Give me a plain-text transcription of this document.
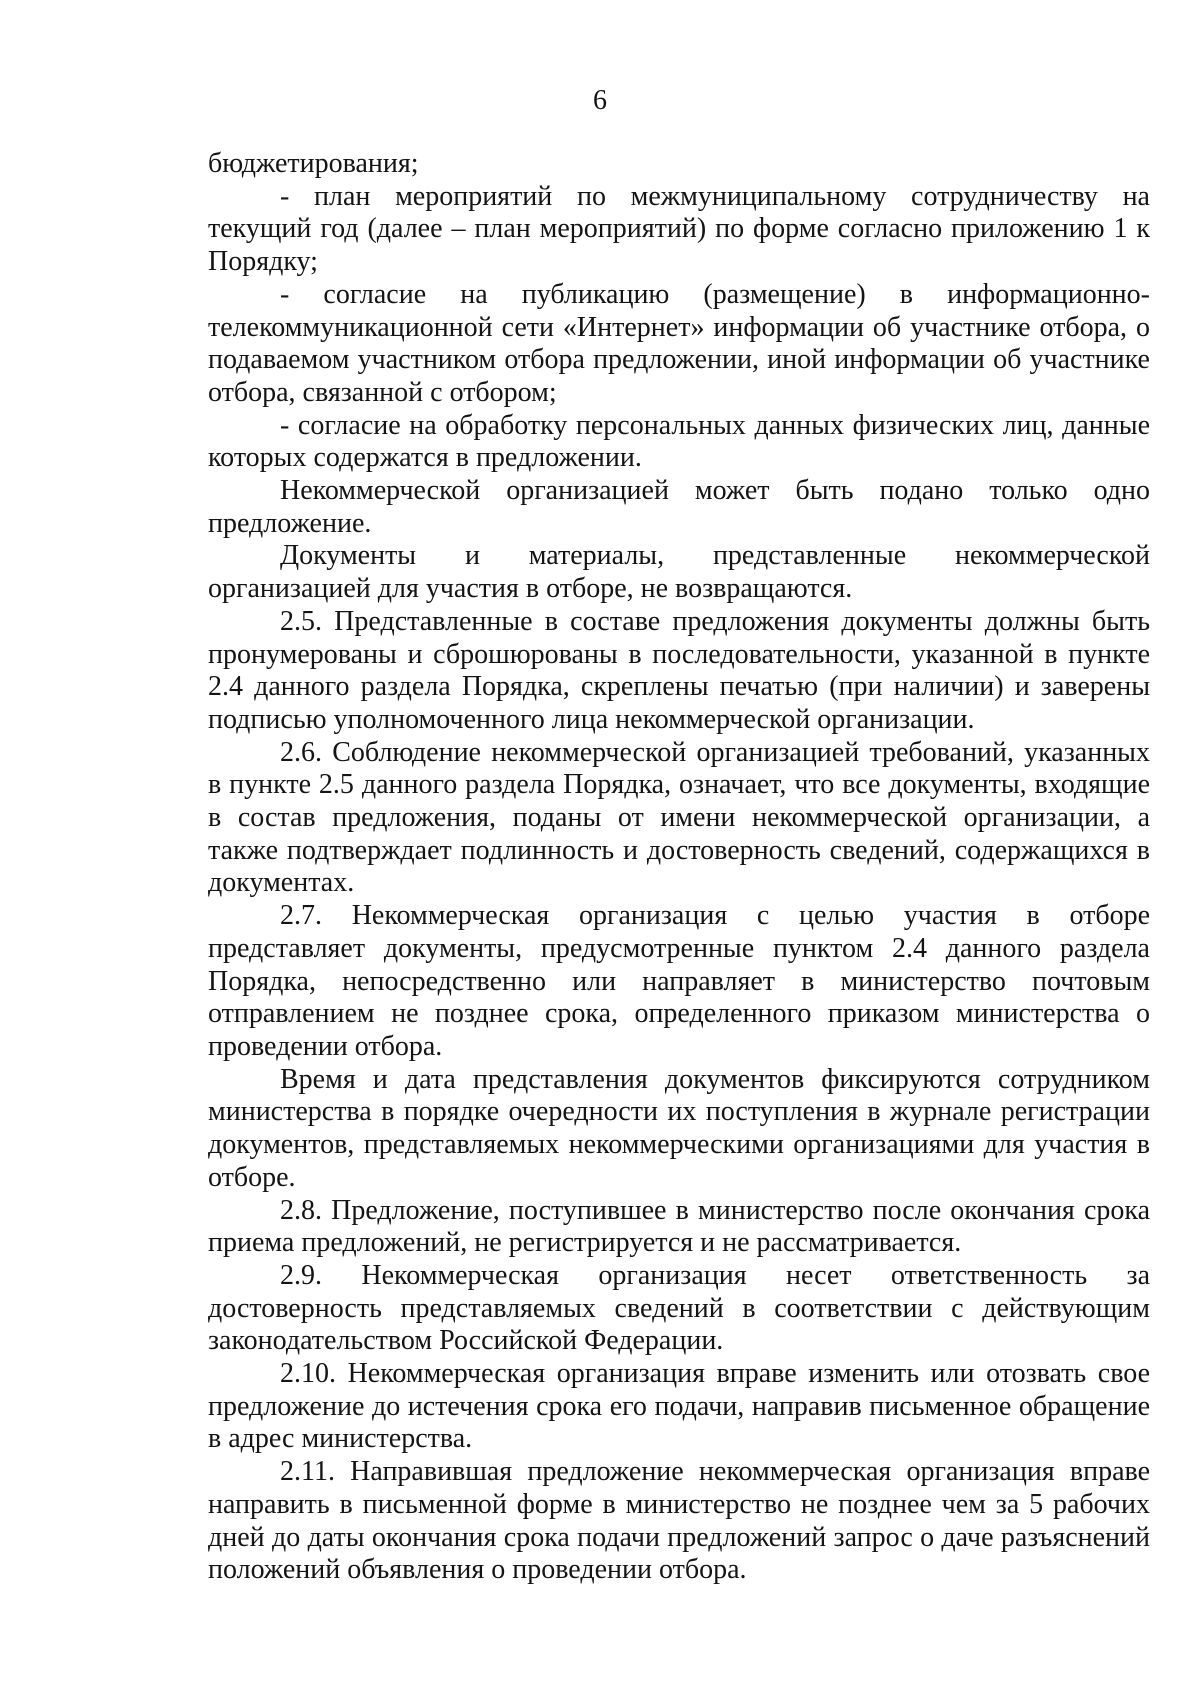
6

бюджетирования;

- план мероприятий по межмуниципальному сотрудничеству на текущий год (далее – план мероприятий) по форме согласно приложению 1 к Порядку;

- согласие на публикацию (размещение) в информационно-телекоммуникационной сети «Интернет» информации об участнике отбора, о подаваемом участником отбора предложении, иной информации об участнике отбора, связанной с отбором;

- согласие на обработку персональных данных физических лиц, данные которых содержатся в предложении.

Некоммерческой организацией может быть подано только одно предложение.

Документы и материалы, представленные некоммерческой организацией для участия в отборе, не возвращаются.

2.5. Представленные в составе предложения документы должны быть пронумерованы и сброшюрованы в последовательности, указанной в пункте 2.4 данного раздела Порядка, скреплены печатью (при наличии) и заверены подписью уполномоченного лица некоммерческой организации.

2.6. Соблюдение некоммерческой организацией требований, указанных в пункте 2.5 данного раздела Порядка, означает, что все документы, входящие в состав предложения, поданы от имени некоммерческой организации, а также подтверждает подлинность и достоверность сведений, содержащихся в документах.

2.7. Некоммерческая организация с целью участия в отборе представляет документы, предусмотренные пунктом 2.4 данного раздела Порядка, непосредственно или направляет в министерство почтовым отправлением не позднее срока, определенного приказом министерства о проведении отбора.

Время и дата представления документов фиксируются сотрудником министерства в порядке очередности их поступления в журнале регистрации документов, представляемых некоммерческими организациями для участия в отборе.

2.8. Предложение, поступившее в министерство после окончания срока приема предложений, не регистрируется и не рассматривается.

2.9. Некоммерческая организация несет ответственность за достоверность представляемых сведений в соответствии с действующим законодательством Российской Федерации.

2.10. Некоммерческая организация вправе изменить или отозвать свое предложение до истечения срока его подачи, направив письменное обращение в адрес министерства.

2.11. Направившая предложение некоммерческая организация вправе направить в письменной форме в министерство не позднее чем за 5 рабочих дней до даты окончания срока подачи предложений запрос о даче разъяснений положений объявления о проведении отбора.
